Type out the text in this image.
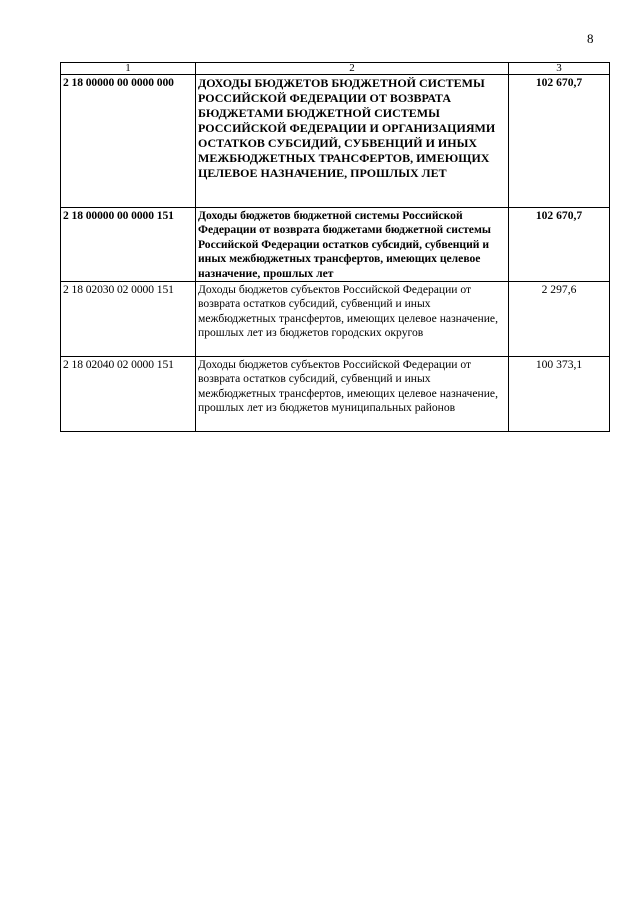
8
1	2	3
2 18 00000 00 0000 000	ДОХОДЫ БЮДЖЕТОВ БЮДЖЕТНОЙ СИСТЕМЫ РОССИЙСКОЙ ФЕДЕРАЦИИ ОТ ВОЗВРАТА БЮДЖЕТАМИ БЮДЖЕТНОЙ СИСТЕМЫ РОССИЙСКОЙ ФЕДЕРАЦИИ И ОРГАНИЗАЦИЯМИ ОСТАТКОВ СУБСИДИЙ, СУБВЕНЦИЙ И ИНЫХ МЕЖБЮДЖЕТНЫХ ТРАНСФЕРТОВ, ИМЕЮЩИХ ЦЕЛЕВОЕ НАЗНАЧЕНИЕ, ПРОШЛЫХ ЛЕТ	102 670,7
2 18 00000 00 0000 151	Доходы бюджетов бюджетной системы Российской Федерации от возврата бюджетами бюджетной системы Российской Федерации остатков субсидий, субвенций и иных межбюджетных трансфертов, имеющих целевое назначение, прошлых лет	102 670,7
2 18 02030 02 0000 151	Доходы бюджетов субъектов Российской Федерации от возврата остатков субсидий, субвенций и иных межбюджетных трансфертов, имеющих целевое назначение, прошлых лет из бюджетов городских округов	2 297,6
2 18 02040 02 0000 151	Доходы бюджетов субъектов Российской Федерации от возврата остатков субсидий, субвенций и иных межбюджетных трансфертов, имеющих целевое назначение, прошлых лет из бюджетов муниципальных районов	100 373,1
